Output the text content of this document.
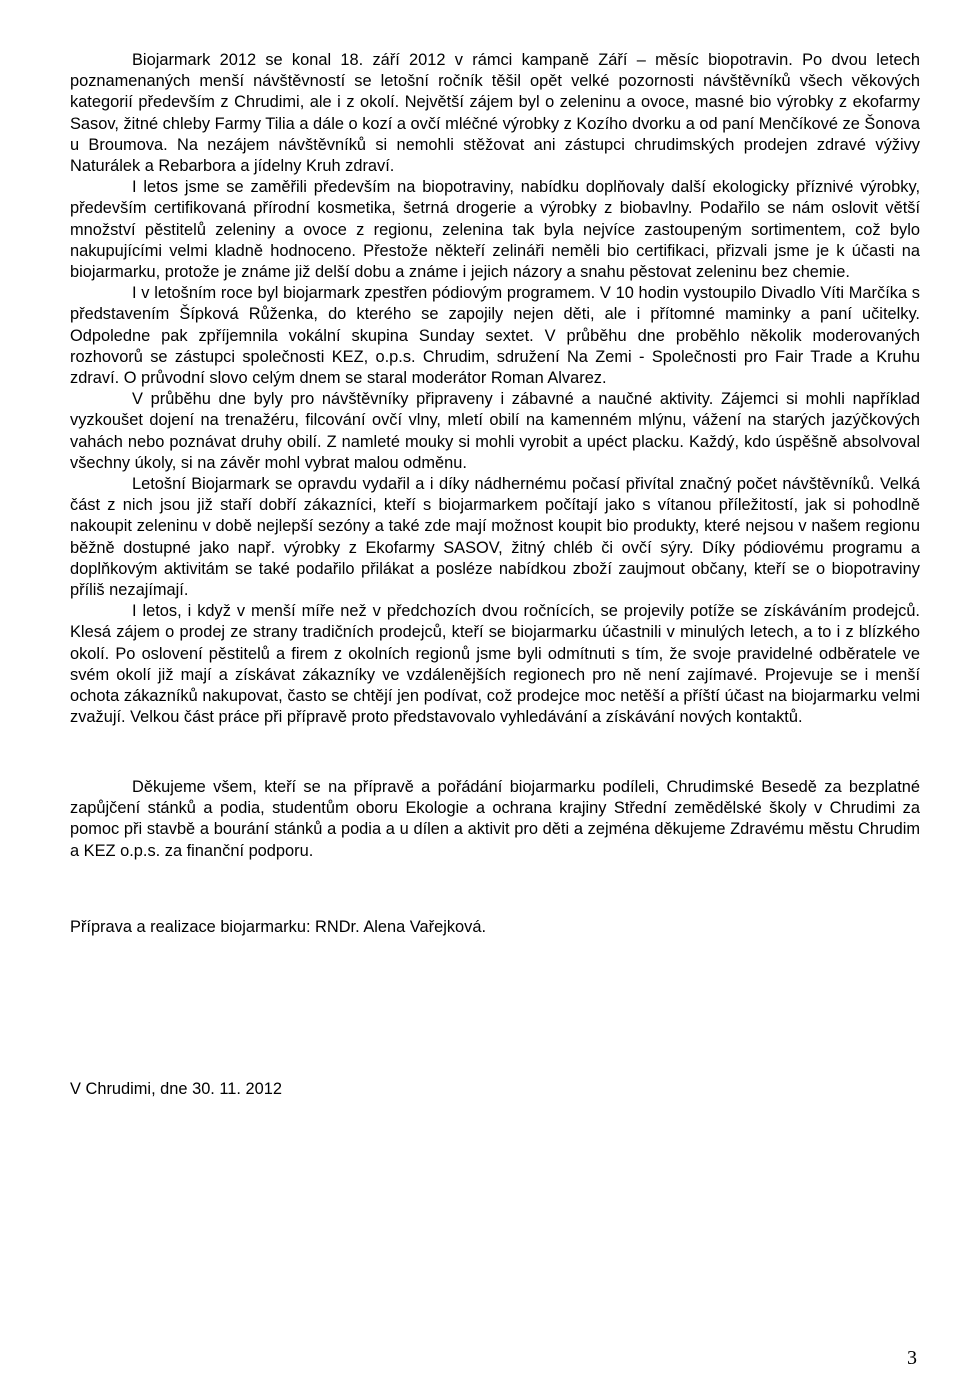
Biojarmark 2012 se konal 18. září 2012 v rámci kampaně Září – měsíc biopotravin. Po dvou letech poznamenaných menší návštěvností se letošní ročník těšil opět velké pozornosti návštěvníků všech věkových kategorií především z Chrudimi, ale i z okolí. Největší zájem byl o zeleninu a ovoce, masné bio výrobky z ekofarmy Sasov, žitné chleby Farmy Tilia a dále o kozí a ovčí mléčné výrobky z Kozího dvorku a od paní Menčíkové ze Šonova u Broumova. Na nezájem návštěvníků si nemohli stěžovat ani zástupci chrudimských prodejen zdravé výživy Naturálek a Rebarbora a jídelny Kruh zdraví.

I letos jsme se zaměřili především na biopotraviny, nabídku doplňovaly další ekologicky příznivé výrobky, především certifikovaná přírodní kosmetika, šetrná drogerie a výrobky z biobavlny. Podařilo se nám oslovit větší množství pěstitelů zeleniny a ovoce z regionu, zelenina tak byla nejvíce zastoupeným sortimentem, což bylo nakupujícími velmi kladně hodnoceno. Přestože někteří zelináři neměli bio certifikaci, přizvali jsme je k účasti na biojarmarku, protože je známe již delší dobu a známe i jejich názory a snahu pěstovat zeleninu bez chemie.

I v letošním roce byl biojarmark zpestřen pódiovým programem. V 10 hodin vystoupilo Divadlo Víti Marčíka s představením Šípková Růženka, do kterého se zapojily nejen děti, ale i přítomné maminky a paní učitelky. Odpoledne pak zpříjemnila vokální skupina Sunday sextet. V průběhu dne proběhlo několik moderovaných rozhovorů se zástupci společnosti KEZ, o.p.s. Chrudim, sdružení Na Zemi - Společnosti pro Fair Trade a Kruhu zdraví. O průvodní slovo celým dnem se staral moderátor Roman Alvarez.

V průběhu dne byly pro návštěvníky připraveny i zábavné a naučné aktivity. Zájemci si mohli například vyzkoušet dojení na trenažéru, filcování ovčí vlny, mletí obilí na kamenném mlýnu, vážení na starých jazýčkových vahách nebo poznávat druhy obilí. Z namleté mouky si mohli vyrobit a upéct placku. Každý, kdo úspěšně absolvoval všechny úkoly, si na závěr mohl vybrat malou odměnu.

Letošní Biojarmark se opravdu vydařil a i díky nádhernému počasí přivítal značný počet návštěvníků. Velká část z nich jsou již staří dobří zákazníci, kteří s biojarmarkem počítají jako s vítanou příležitostí, jak si pohodlně nakoupit zeleninu v době nejlepší sezóny a také zde mají možnost koupit bio produkty, které nejsou v našem regionu běžně dostupné jako např. výrobky z Ekofarmy SASOV, žitný chléb či ovčí sýry. Díky pódiovému programu a doplňkovým aktivitám se také podařilo přilákat a posléze nabídkou zboží zaujmout občany, kteří se o biopotraviny příliš nezajímají.

I letos, i když v menší míře než v předchozích dvou ročnících, se projevily potíže se získáváním prodejců. Klesá zájem o prodej ze strany tradičních prodejců, kteří se biojarmarku účastnili v minulých letech, a to i z blízkého okolí. Po oslovení pěstitelů a firem z okolních regionů jsme byli odmítnuti s tím, že svoje pravidelné odběratele ve svém okolí již mají a získávat zákazníky ve vzdálenějších regionech pro ně není zajímavé. Projevuje se i menší ochota zákazníků nakupovat, často se chtějí jen podívat, což prodejce moc netěší a příští účast na biojarmarku velmi zvažují. Velkou část práce při přípravě proto představovalo vyhledávání a získávání nových kontaktů.

Děkujeme všem, kteří se na přípravě a pořádání biojarmarku podíleli, Chrudimské Besedě za bezplatné zapůjčení stánků a podia, studentům oboru Ekologie a ochrana krajiny Střední zemědělské školy v Chrudimi za pomoc při stavbě a bourání stánků a podia a u dílen a aktivit pro děti a zejména děkujeme Zdravému městu Chrudim a KEZ o.p.s. za finanční podporu.

Příprava a realizace biojarmarku: RNDr. Alena Vařejková.

V Chrudimi, dne 30. 11. 2012

3
